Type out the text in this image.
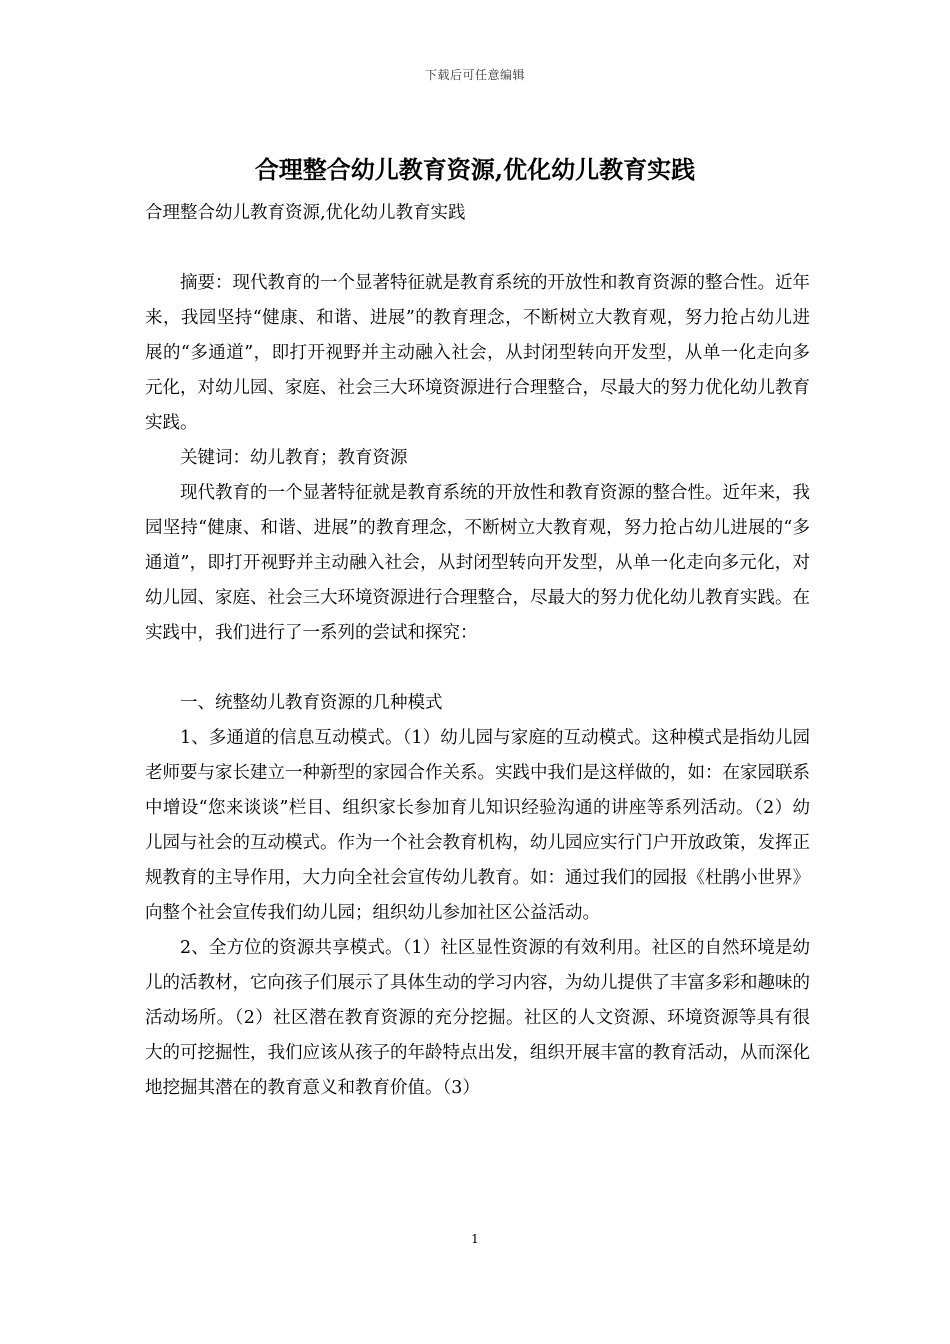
下载后可任意编辑
合理整合幼儿教育资源,优化幼儿教育实践
合理整合幼儿教育资源,优化幼儿教育实践

摘要：现代教育的一个显著特征就是教育系统的开放性和教育资源的整合性。近年来，我园坚持“健康、和谐、进展”的教育理念，不断树立大教育观，努力抢占幼儿进展的“多通道”，即打开视野并主动融入社会，从封闭型转向开发型，从单一化走向多元化，对幼儿园、家庭、社会三大环境资源进行合理整合，尽最大的努力优化幼儿教育实践。

关键词：幼儿教育；教育资源

现代教育的一个显著特征就是教育系统的开放性和教育资源的整合性。近年来，我园坚持“健康、和谐、进展”的教育理念，不断树立大教育观，努力抢占幼儿进展的“多通道”，即打开视野并主动融入社会，从封闭型转向开发型，从单一化走向多元化，对幼儿园、家庭、社会三大环境资源进行合理整合，尽最大的努力优化幼儿教育实践。在实践中，我们进行了一系列的尝试和探究：

一、统整幼儿教育资源的几种模式

1、多通道的信息互动模式。（1）幼儿园与家庭的互动模式。这种模式是指幼儿园老师要与家长建立一种新型的家园合作关系。实践中我们是这样做的，如：在家园联系中增设“您来谈谈”栏目、组织家长参加育儿知识经验沟通的讲座等系列活动。（2）幼儿园与社会的互动模式。作为一个社会教育机构，幼儿园应实行门户开放政策，发挥正规教育的主导作用，大力向全社会宣传幼儿教育。如：通过我们的园报《杜鹃小世界》向整个社会宣传我们幼儿园；组织幼儿参加社区公益活动。

2、全方位的资源共享模式。（1）社区显性资源的有效利用。社区的自然环境是幼儿的活教材，它向孩子们展示了具体生动的学习内容，为幼儿提供了丰富多彩和趣味的活动场所。（2）社区潜在教育资源的充分挖掘。社区的人文资源、环境资源等具有很大的可挖掘性，我们应该从孩子的年龄特点出发，组织开展丰富的教育活动，从而深化地挖掘其潜在的教育意义和教育价值。（3）

1
